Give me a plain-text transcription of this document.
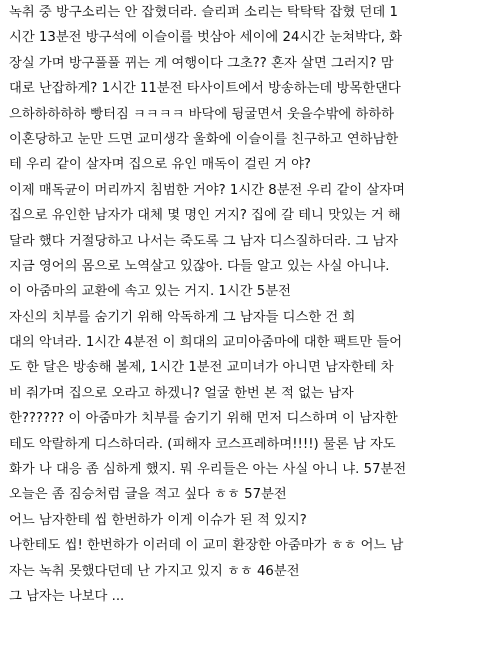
녹취 중 방구소리는 안 잡혔더라. 슬리퍼 소리는 탁탁탁 잡혔 던데 1
시간 13분전 방구석에 이슬이를 벗삼아 세이에 24시간 눈쳐박다, 화
장실 가며 방구풀풀 뀌는 게 여행이다 그초?? 혼자 살면 그러지? 맘
대로 난잡하게? 1시간 11분전 타사이트에서 방송하는데 방목한댄다
으하하하하하 빵터짐 ㅋㅋㅋㅋ 바닥에 뒹굴면서 웃을수밖에 하하하
이혼당하고 눈만 드면 교미생각 울화에 이슬이를 친구하고 연하남한
테 우리 같이 살자며 집으로 유인 매독이 걸린 거 야?
이제 매독균이 머리까지 침범한 거야? 1시간 8분전 우리 같이 살자며
집으로 유인한 남자가 대체 몇 명인 거지? 집에 갈 테니 맛있는 거 해
달라 했다 거절당하고 나서는 죽도록 그 남자 디스질하더라. 그 남자
지금 영어의 몸으로 노역살고 있잖아. 다들 알고 있는 사실 아니냐.
이 아줌마의 교환에 속고 있는 거지. 1시간 5분전
자신의 치부를 숨기기 위해 악독하게 그 남자들 디스한 건 희
대의 악녀라. 1시간 4분전 이 희대의 교미아줌마에 대한 팩트만 들어
도 한 달은 방송해 볼제, 1시간 1분전 교미녀가 아니면 남자한테 차
비 줘가며 집으로 오라고 하겠니? 얼굴 한번 본 적 없는 남자
한?????? 이 아줌마가 치부를 숨기기 위해 먼저 디스하며 이 남자한
테도 악랄하게 디스하더라. (피해자 코스프레하며!!!!) 물론 남 자도
화가 나 대응 좀 심하게 했지. 뭐 우리들은 아는 사실 아니 냐. 57분전
오늘은 좀 짐승처럼 글을 적고 싶다 ㅎㅎ 57분전
어느 남자한테 씹 한번하가 이게 이슈가 된 적 있지?
나한테도 씹! 한번하가 이러데 이 교미 환장한 아줌마가 ㅎㅎ 어느 남
자는 녹취 못했다던데 난 가지고 있지 ㅎㅎ 46분전
그 남자는 나보다 ...
